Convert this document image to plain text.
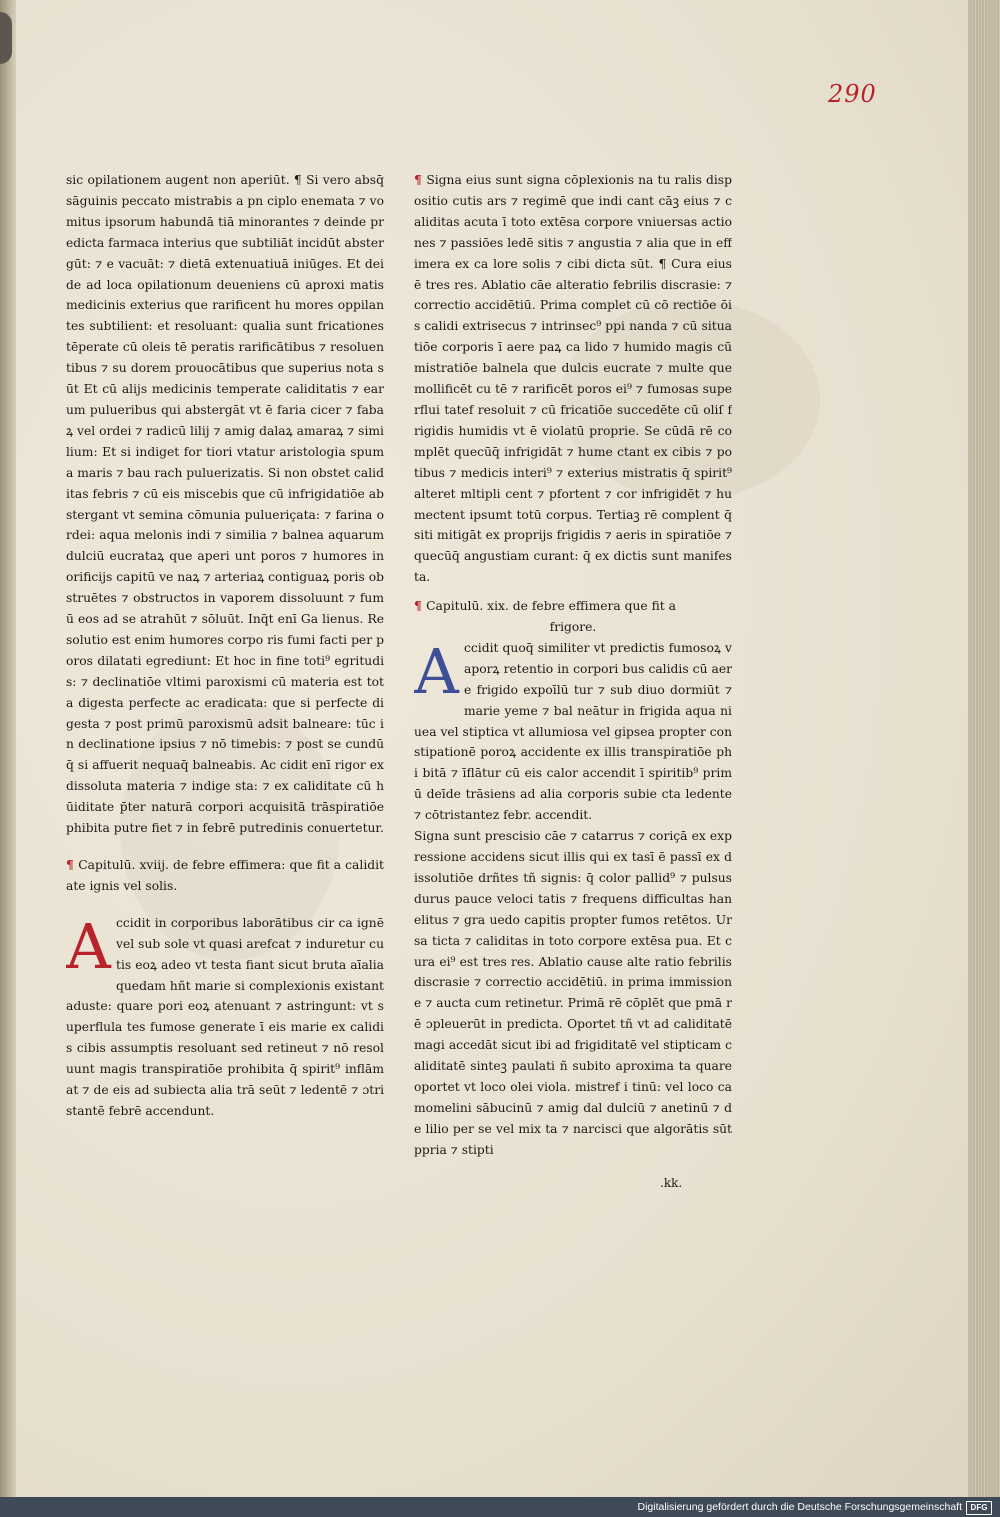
290

sic opilationem augent non aperiūt. ¶ Si vero absq̄ sāguinis peccato mistrabis a pn ciplo enemata ⁊ vomitus ipsorum habundā tiā minorantes ⁊ deinde predicta farmaca interius que subtiliāt incidūt abstergūt: ⁊ e vacuāt: ⁊ dietā extenuatiuā iniūges. Et dei de ad loca opilationum deueniens cū aproxi matis medicinis exterius que rarificent hu mores oppilantes subtilient: et resoluant: qualia sunt fricationes tēperate cū oleis tē peratis rarificātibus ⁊ resoluentibus ⁊ su dorem prouocātibus que superius nota sūt Et cū alijs medicinis temperate caliditatis ⁊ earum pulueribus qui abstergāt vt ē faria cicer ⁊ fabaꝝ vel ordei ⁊ radicū lilij ⁊ amig dalaꝝ amaraꝝ ⁊ similium: Et si indiget for tiori vtatur aristologia spuma maris ⁊ bau rach puluerizatis. Si non obstet caliditas febris ⁊ cū eis miscebis que cū infrigidatiōe abstergant vt semina cōmunia pulueriçata: ⁊ farina ordei: aqua melonis indi ⁊ similia ⁊ balnea aquarum dulciū eucrataꝝ que aperi unt poros ⁊ humores in orificijs capitū ve naꝝ ⁊ arteriaꝝ contiguaꝝ poris obstruētes ⁊ obstructos in vaporem dissoluunt ⁊ fumū eos ad se atrahūt ⁊ sōluūt. Inq̄t enī Ga lienus. Resolutio est enim humores corpo ris fumi facti per poros dilatati egrediunt: Et hoc in fine toti⁹ egritudis: ⁊ declinatiōe vltimi paroxismi cū materia est tota digesta perfecte ac eradicata: que si perfecte digesta ⁊ post primū paroxismū adsit balneare: tūc in declinatione ipsius ⁊ nō timebis: ⁊ post se cundū q̄ si affuerit nequaq̄ balneabis. Ac cidit enī rigor ex dissoluta materia ⁊ indige sta: ⁊ ex caliditate cū hūiditate p̄ter naturā corpori acquisitā trāspiratiōe phibita putre fiet ⁊ in febrē putredinis conuertetur.

¶ Capitulū. xviij. de febre effimera: que fit a caliditate ignis vel solis.

Accidit in corporibus laborātibus cir ca ignē vel sub sole vt quasi arefcat ⁊ induretur cutis eoꝝ adeo vt testa fiant sicut bruta aīalia quedam hñt marie si complexionis existant aduste: quare pori eoꝝ atenuant ⁊ astringunt: vt superflula tes fumose generate ī eis marie ex calidis cibis assumptis resoluant sed retineut ⁊ nō resoluunt magis transpiratiōe prohibita q̄ spirit⁹ inflāmat ⁊ de eis ad subiecta alia trā seūt ⁊ ledentē ⁊ ɔtristantē febrē accendunt.

¶ Signa eius sunt signa cōplexionis na tu ralis dispositio cutis ars ⁊ regimē que indi cant cāꝫ eius ⁊ caliditas acuta ī toto extēsa corpore vniuersas actiones ⁊ passiōes ledē sitis ⁊ angustia ⁊ alia que in effimera ex ca lore solis ⁊ cibi dicta sūt. ¶ Cura eius ē tres res. Ablatio cāe alteratio febrilis discrasie: ⁊ correctio accidētiū. Prima complet cū cō rectiōe ōis calidi extrisecus ⁊ intrinsec⁹ ppi nanda ⁊ cū situatiōe corporis ī aere paꝝ ca lido ⁊ humido magis cū mistratiōe balnela que dulcis eucrate ⁊ multe que mollificēt cu tē ⁊ rarificēt poros ei⁹ ⁊ fumosas superflui tatef resoluit ⁊ cū fricatiōe succedēte cū oliſ frigidis humidis vt ē violatū proprie. Se cūdā rē complēt quecūq̄ infrigidāt ⁊ hume ctant ex cibis ⁊ potibus ⁊ medicis interi⁹ ⁊ exterius mistratis q̄ spirit⁹ alteret mltipli cent ⁊ pfortent ⁊ cor infrigidēt ⁊ humectent ipsumt totū corpus. Tertiaꝫ rē complent q̄ siti mitigāt ex proprijs frigidis ⁊ aeris in spiratiōe ⁊ quecūq̄ angustiam curant: q̄ ex dictis sunt manifesta.

¶ Capitulū. xix. de febre effimera que fit a

frigore.

Accidit quoq̄ similiter vt predictis fumosoꝝ vaporꝝ retentio in corpori bus calidis cū aere frigido expoīlū tur ⁊ sub diuo dormiūt ⁊ marie yeme ⁊ bal neātur in frigida aqua niuea vel stiptica vt allumiosa vel gipsea propter constipationē poroꝝ accidente ex illis transpiratiōe phi bitā ⁊ īflātur cū eis calor accendit ī spiritib⁹ primū deīde trāsiens ad alia corporis subie cta ledente ⁊ cōtristantez febr. accendit.

Signa sunt prescisio cāe ⁊ catarrus ⁊ coriçā ex expressione accidens sicut illis qui ex tasī ē passī ex dissolutiōe drñtes tñ signis: q̄ color pallid⁹ ⁊ pulsus durus pauce veloci tatis ⁊ frequens difficultas hanelitus ⁊ gra uedo capitis propter fumos retētos. Ur sa ticta ⁊ caliditas in toto corpore extēsa pua. Et cura ei⁹ est tres res. Ablatio cause alte ratio febrilis discrasie ⁊ correctio accidētiū. in prima immissione ⁊ aucta cum retinetur. Primā rē cōplēt que pmā rē ɔpleuerūt in predicta. Oportet tñ vt ad caliditatē magi accedāt sicut ibi ad frigiditatē vel stipticam caliditatē sinteꝫ paulati ñ subito aproxima ta quare oportet vt loco olei viola. mistref i tinū: vel loco camomelini sābucinū ⁊ amig dal dulciū ⁊ anetinū ⁊ de lilio per se vel mix ta ⁊ narcisci que algorātis sūt ppria ⁊ stipti

.kk.
Digitalisierung gefördert durch die Deutsche Forschungsgemeinschaft	DFG
